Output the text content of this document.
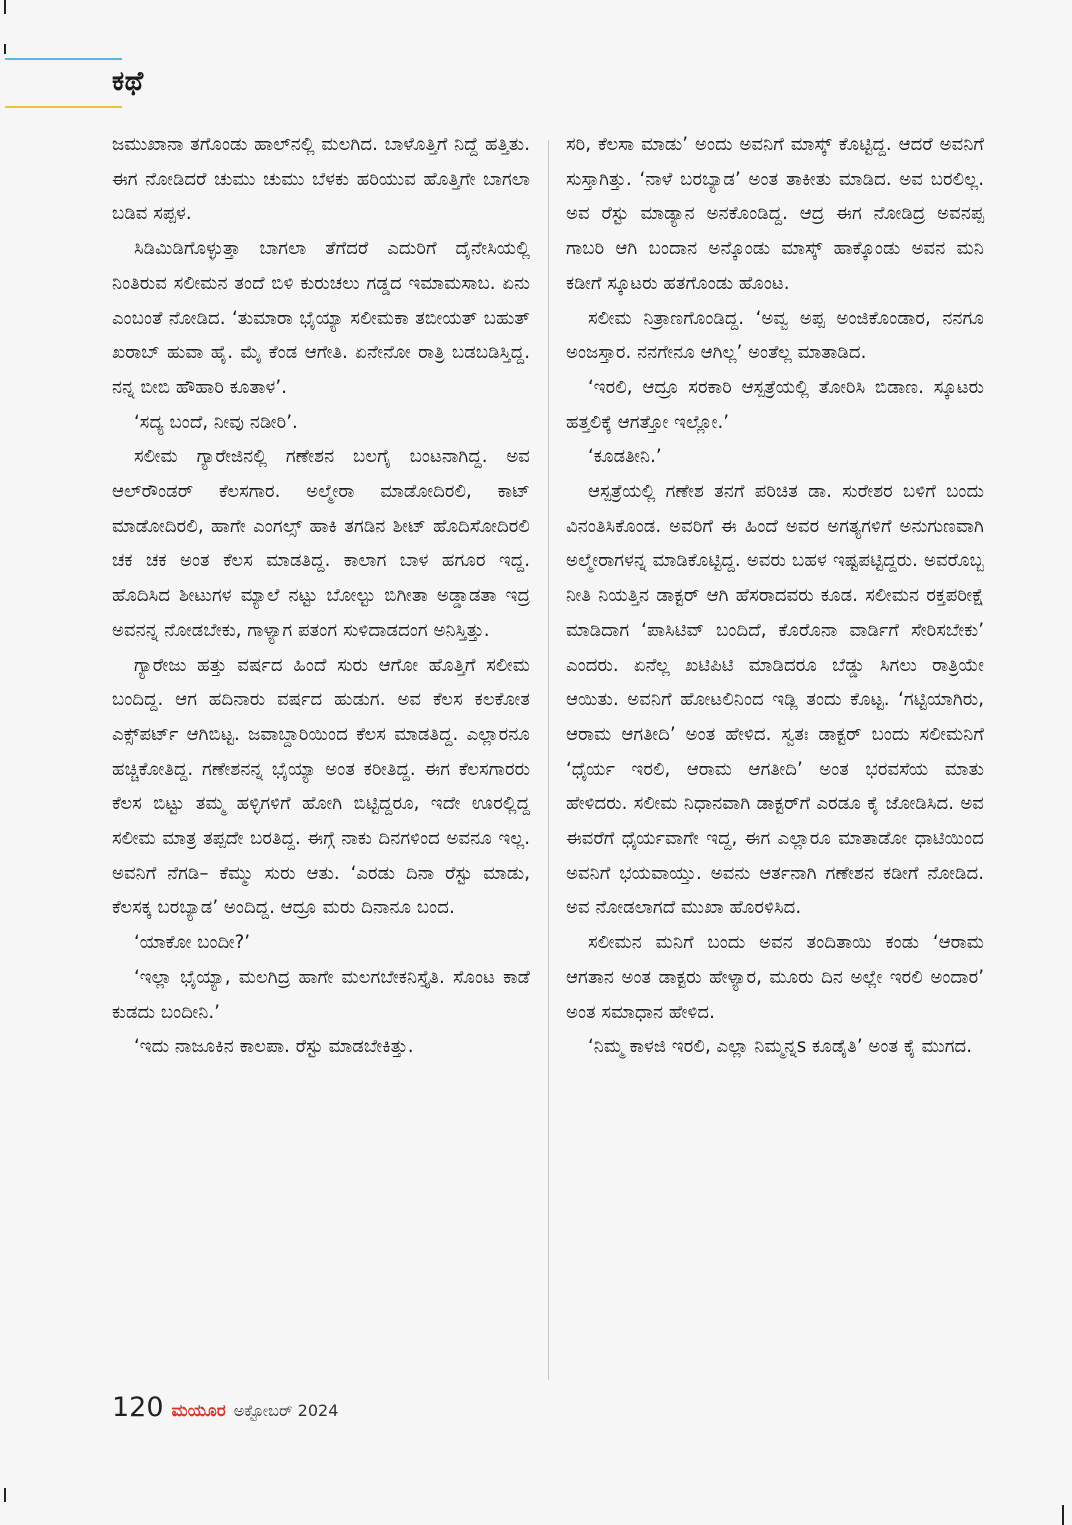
ಕಥೆ

ಜಮುಖಾನಾ ತಗೊಂಡು ಹಾಲ್‌ನಲ್ಲಿ ಮಲಗಿದ. ಬಾಳೊತ್ತಿಗೆ ನಿದ್ದೆ ಹತ್ತಿತು. ಈಗ ನೋಡಿದರೆ ಚುಮು ಚುಮು ಬೆಳಕು ಹರಿಯುವ ಹೊತ್ತಿಗೇ ಬಾಗಲಾ ಬಡಿವ ಸಪ್ಪಳ.

ಸಿಡಿಮಿಡಿಗೊಳ್ಳುತ್ತಾ ಬಾಗಲಾ ತೆಗೆದರೆ ಎದುರಿಗೆ ದೈನೇಸಿಯಲ್ಲಿ ನಿಂತಿರುವ ಸಲೀಮನ ತಂದೆ ಬಿಳಿ ಕುರುಚಲು ಗಡ್ಡದ ಇಮಾಮಸಾಬ. ಏನು ಎಂಬಂತೆ ನೋಡಿದ. ‘ತುಮಾರಾ ಭೈಯ್ಯಾ ಸಲೀಮಕಾ ತಬೀಯತ್ ಬಹುತ್ ಖರಾಬ್ ಹುವಾ ಹೈ. ಮೈ ಕೆಂಡ ಆಗೇತಿ. ಏನೇನೋ ರಾತ್ರಿ ಬಡಬಡಿಸ್ತಿದ್ದ. ನನ್ನ ಬೀಬಿ ಹೌಹಾರಿ ಕೂತಾಳ’.

‘ಸದ್ಯ ಬಂದೆ, ನೀವು ನಡೀರಿ’.

ಸಲೀಮ ಗ್ಯಾರೇಜಿನಲ್ಲಿ ಗಣೇಶನ ಬಲಗೈ ಬಂಟನಾಗಿದ್ದ. ಅವ ಆಲ್‌ರೌಂಡರ್ ಕೆಲಸಗಾರ. ಅಲ್ಮೇರಾ ಮಾಡೋದಿರಲಿ, ಕಾಟ್ ಮಾಡೋದಿರಲಿ, ಹಾಗೇ ಎಂಗಲ್ಸ್ ಹಾಕಿ ತಗಡಿನ ಶೀಟ್ ಹೊದಿಸೋದಿರಲಿ ಚಕ ಚಕ ಅಂತ ಕೆಲಸ ಮಾಡತಿದ್ದ. ಕಾಲಾಗ ಬಾಳ ಹಗೂರ ಇದ್ದ. ಹೊದಿಸಿದ ಶೀಟುಗಳ ಮ್ಯಾಲೆ ನಟ್ಟು ಬೋಲ್ಟು ಬಿಗೀತಾ ಅಡ್ಡಾಡತಾ ಇದ್ರ ಅವನನ್ನ ನೋಡಬೇಕು, ಗಾಳ್ಯಾಗ ಪತಂಗ ಸುಳಿದಾಡದಂಗ ಅನಿಸ್ತಿತ್ತು.

ಗ್ಯಾರೇಜು ಹತ್ತು ವರ್ಷದ ಹಿಂದೆ ಸುರು ಆಗೋ ಹೊತ್ತಿಗೆ ಸಲೀಮ ಬಂದಿದ್ದ. ಆಗ ಹದಿನಾರು ವರ್ಷದ ಹುಡುಗ. ಅವ ಕೆಲಸ ಕಲಕೋತ ಎಕ್ಸ್‌ಪರ್ಟ್ ಆಗಿಬಿಟ್ಟ. ಜವಾಬ್ದಾರಿಯಿಂದ ಕೆಲಸ ಮಾಡತಿದ್ದ. ಎಲ್ಲಾರನೂ ಹಚ್ಚಿಕೋತಿದ್ದ. ಗಣೇಶನನ್ನ ಭೈಯ್ಯಾ ಅಂತ ಕರೀತಿದ್ದ. ಈಗ ಕೆಲಸಗಾರರು ಕೆಲಸ ಬಿಟ್ಟು ತಮ್ಮ ಹಳ್ಳಿಗಳಿಗೆ ಹೋಗಿ ಬಿಟ್ಟಿದ್ದರೂ, ಇದೇ ಊರಲ್ಲಿದ್ದ ಸಲೀಮ ಮಾತ್ರ ತಪ್ಪದೇ ಬರತಿದ್ದ. ಈಗ್ಗೆ ನಾಕು ದಿನಗಳಿಂದ ಅವನೂ ಇಲ್ಲ. ಅವನಿಗೆ ನೆಗಡಿ– ಕೆಮ್ಮು ಸುರು ಆತು. ‘ಎರಡು ದಿನಾ ರೆಸ್ಟು ಮಾಡು, ಕೆಲಸಕ್ಕ ಬರಬ್ಯಾಡ’ ಅಂದಿದ್ದ. ಆದ್ರೂ ಮರು ದಿನಾನೂ ಬಂದ.

‘ಯಾಕೋ ಬಂದೀ?’

‘ಇಲ್ಲಾ ಭೈಯ್ಯಾ, ಮಲಗಿದ್ರ ಹಾಗೇ ಮಲಗಬೇಕನಿಸ್ತೈತಿ. ಸೊಂಟ ಕಾಡೆ ಕುಡದು ಬಂದೀನಿ.’

‘ಇದು ನಾಜೂಕಿನ ಕಾಲಪಾ. ರೆಸ್ಟು ಮಾಡಬೇಕಿತ್ತು.

ಸರಿ, ಕೆಲಸಾ ಮಾಡು’ ಅಂದು ಅವನಿಗೆ ಮಾಸ್ಕ್ ಕೊಟ್ಟಿದ್ದ. ಆದರೆ ಅವನಿಗೆ ಸುಸ್ತಾಗಿತ್ತು. ‘ನಾಳೆ ಬರಬ್ಯಾಡ’ ಅಂತ ತಾಕೀತು ಮಾಡಿದ. ಅವ ಬರಲಿಲ್ಲ. ಅವ ರೆಸ್ಟು ಮಾಡ್ಯಾನ ಅನಕೊಂಡಿದ್ದ. ಆದ್ರ ಈಗ ನೋಡಿದ್ರ ಅವನಪ್ಪ ಗಾಬರಿ ಆಗಿ ಬಂದಾನ ಅನ್ಕೊಂಡು ಮಾಸ್ಕ್ ಹಾಕ್ಕೊಂಡು ಅವನ ಮನಿ ಕಡೀಗೆ ಸ್ಕೂಟರು ಹತಗೊಂಡು ಹೊಂಟ.

ಸಲೀಮ ನಿತ್ರಾಣಗೊಂಡಿದ್ದ. ‘ಅವ್ವ ಅಪ್ಪ ಅಂಜಿಕೊಂಡಾರ, ನನಗೂ ಅಂಜಸ್ತಾರ. ನನಗೇನೂ ಆಗಿಲ್ಲ’ ಅಂತೆಲ್ಲ ಮಾತಾಡಿದ.

‘ಇರಲಿ, ಆದ್ರೂ ಸರಕಾರಿ ಆಸ್ಪತ್ರೆಯಲ್ಲಿ ತೋರಿಸಿ ಬಿಡಾಣ. ಸ್ಕೂಟರು ಹತ್ತಲಿಕ್ಕೆ ಆಗತ್ತೋ ಇಲ್ಲೋ.’

‘ಕೂಡತೀನಿ.’

ಆಸ್ಪತ್ರೆಯಲ್ಲಿ ಗಣೇಶ ತನಗೆ ಪರಿಚಿತ ಡಾ. ಸುರೇಶರ ಬಳಿಗೆ ಬಂದು ವಿನಂತಿಸಿಕೊಂಡ. ಅವರಿಗೆ ಈ ಹಿಂದೆ ಅವರ ಅಗತ್ಯಗಳಿಗೆ ಅನುಗುಣವಾಗಿ ಅಲ್ಮೇರಾಗಳನ್ನ ಮಾಡಿಕೊಟ್ಟಿದ್ದ. ಅವರು ಬಹಳ ಇಷ್ಟಪಟ್ಟಿದ್ದರು. ಅವರೊಬ್ಬ ನೀತಿ ನಿಯತ್ತಿನ ಡಾಕ್ಟರ್ ಆಗಿ ಹೆಸರಾದವರು ಕೂಡ. ಸಲೀಮನ ರಕ್ತಪರೀಕ್ಷೆ ಮಾಡಿದಾಗ ‘ಪಾಸಿಟಿವ್ ಬಂದಿದೆ, ಕೊರೊನಾ ವಾರ್ಡಿಗೆ ಸೇರಿಸಬೇಕು’ ಎಂದರು. ಏನೆಲ್ಲ ಖಟಿಪಿಟಿ ಮಾಡಿದರೂ ಬೆಡ್ಡು ಸಿಗಲು ರಾತ್ರಿಯೇ ಆಯಿತು. ಅವನಿಗೆ ಹೋಟಲಿನಿಂದ ಇಡ್ಲಿ ತಂದು ಕೊಟ್ಟ. ‘ಗಟ್ಟಿಯಾಗಿರು, ಆರಾಮ ಆಗತೀದಿ’ ಅಂತ ಹೇಳಿದ. ಸ್ವತಃ ಡಾಕ್ಟರ್ ಬಂದು ಸಲೀಮನಿಗೆ ‘ಧೈರ್ಯ ಇರಲಿ, ಆರಾಮ ಆಗತೀದಿ’ ಅಂತ ಭರವಸೆಯ ಮಾತು ಹೇಳಿದರು. ಸಲೀಮ ನಿಧಾನವಾಗಿ ಡಾಕ್ಟರ್‌ಗೆ ಎರಡೂ ಕೈ ಜೋಡಿಸಿದ. ಅವ ಈವರೆಗೆ ಧೈರ್ಯವಾಗೇ ಇದ್ದ, ಈಗ ಎಲ್ಲಾರೂ ಮಾತಾಡೋ ಧಾಟಿಯಿಂದ ಅವನಿಗೆ ಭಯವಾಯ್ತು. ಅವನು ಆರ್ತನಾಗಿ ಗಣೇಶನ ಕಡೀಗೆ ನೋಡಿದ. ಅವ ನೋಡಲಾಗದೆ ಮುಖಾ ಹೊರಳಿಸಿದ.

ಸಲೀಮನ ಮನಿಗೆ ಬಂದು ಅವನ ತಂದಿತಾಯಿ ಕಂಡು ‘ಆರಾಮ ಆಗತಾನ ಅಂತ ಡಾಕ್ಟರು ಹೇಳ್ಯಾರ, ಮೂರು ದಿನ ಅಲ್ಲೇ ಇರಲಿ ಅಂದಾರ’ ಅಂತ ಸಮಾಧಾನ ಹೇಳಿದ.

‘ನಿಮ್ಮ ಕಾಳಜಿ ಇರಲಿ, ಎಲ್ಲಾ ನಿಮ್ಮನ್ನs ಕೂಡೈತಿ’ ಅಂತ ಕೈ ಮುಗದ.

120 ಮಯೂರ ಅಕ್ಟೋಬರ್ 2024
